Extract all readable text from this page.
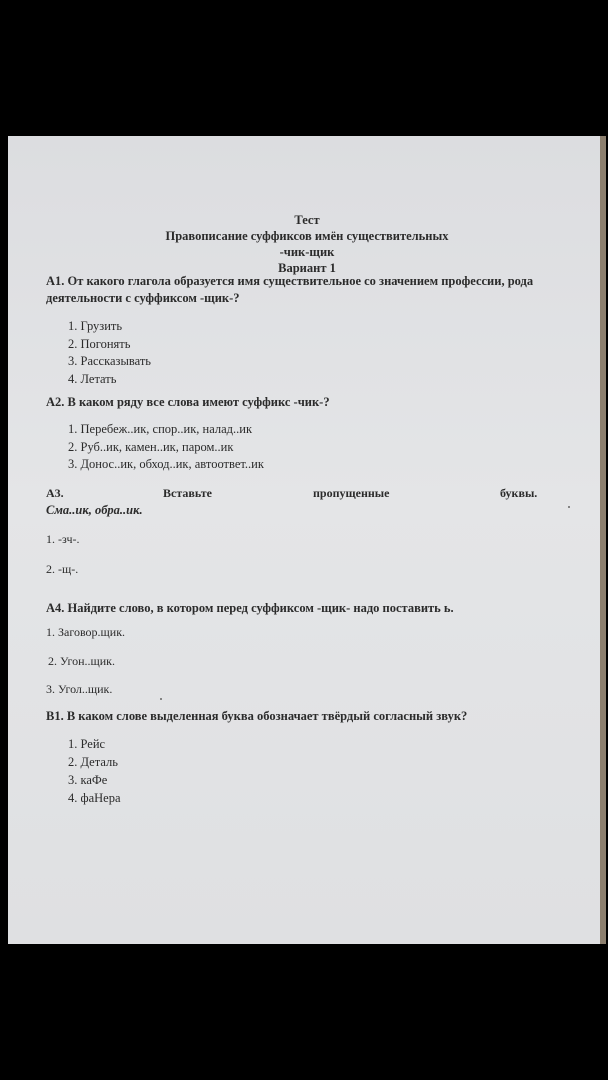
Тест
Правописание суффиксов имён существительных
-чик-щик
Вариант 1
А1. От какого глагола образуется имя существительное со значением профессии, рода деятельности с суффиксом -щик-?
1. Грузить
2. Погонять
3. Рассказывать
4. Летать
А2. В каком ряду все слова имеют суффикс -чик-?
1. Перебеж..ик, спор..ик, налад..ик
2. Руб..ик, камен..ик, паром..ик
3. Донос..ик, обход..ик, автоответ..ик
А3.	Вставьте	пропущенные	буквы.
Сма..ик, обра..ик.
1. -зч-.
2. -щ-.
А4. Найдите слово, в котором перед суффиксом -щик- надо поставить ь.
1. Заговор.щик.
2. Угон..щик.
3. Угол..щик.
В1. В каком слове выделенная буква обозначает твёрдый согласный звук?
1. Рейс
2. Деталь
3. каФе
4. фаНера
